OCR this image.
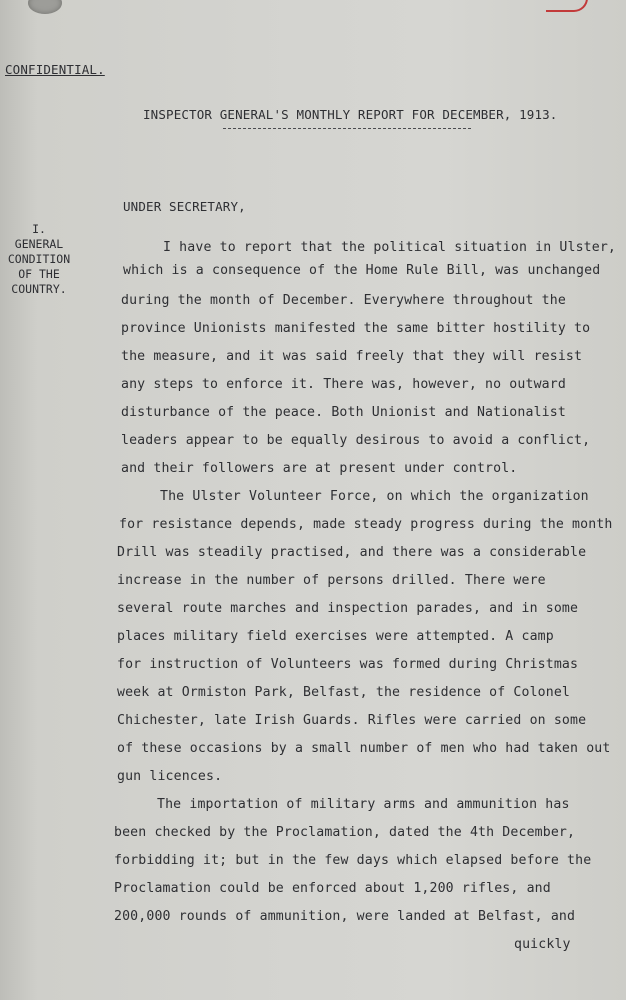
CONFIDENTIAL.
INSPECTOR GENERAL'S MONTHLY REPORT FOR DECEMBER, 1913.
UNDER SECRETARY,
I.
GENERAL
CONDITION
OF THE
COUNTRY.
I have to report that the political situation in Ulster,
which is a consequence of the Home Rule Bill, was unchanged
during the month of December. Everywhere throughout the
province Unionists manifested the same bitter hostility to
the measure, and it was said freely that they will resist
any steps to enforce it. There was, however, no outward
disturbance of the peace. Both Unionist and Nationalist
leaders appear to be equally desirous to avoid a conflict,
and their followers are at present under control.
The Ulster Volunteer Force, on which the organization
for resistance depends, made steady progress during the month
Drill was steadily practised, and there was a considerable
increase in the number of persons drilled. There were
several route marches and inspection parades, and in some
places military field exercises were attempted. A camp
for instruction of Volunteers was formed during Christmas
week at Ormiston Park, Belfast, the residence of Colonel
Chichester, late Irish Guards. Rifles were carried on some
of these occasions by a small number of men who had taken out
gun licences.
The importation of military arms and ammunition has
been checked by the Proclamation, dated the 4th December,
forbidding it; but in the few days which elapsed before the
Proclamation could be enforced about 1,200 rifles, and
200,000 rounds of ammunition, were landed at Belfast, and
quickly
